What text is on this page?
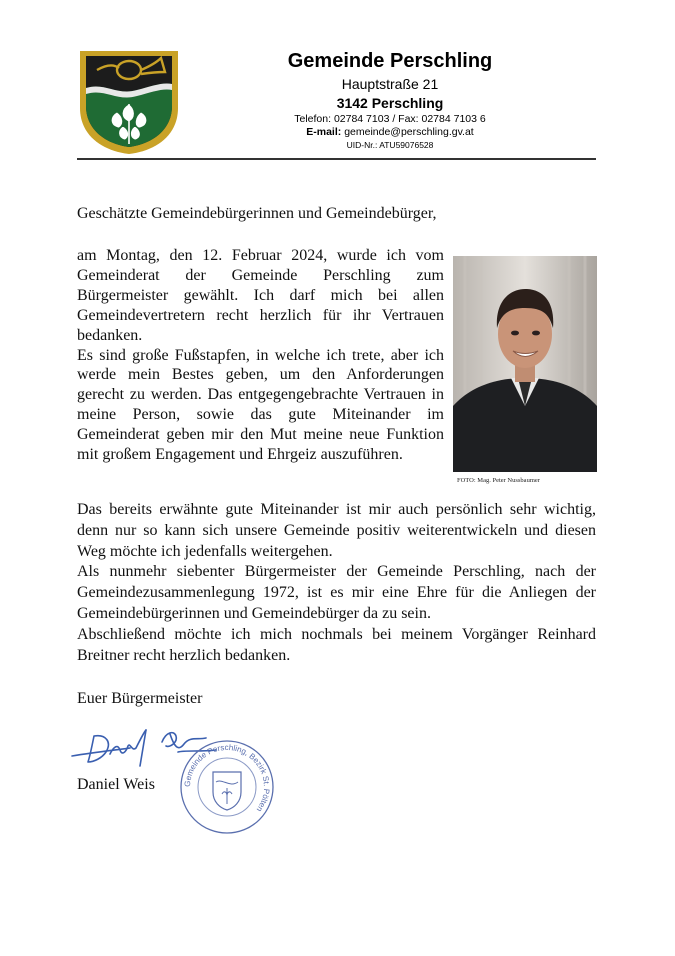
Gemeinde Perschling
Hauptstraße 21
3142 Perschling
Telefon: 02784 7103 / Fax: 02784 7103 6
E-mail: gemeinde@perschling.gv.at
UID-Nr.: ATU59076528
Geschätzte Gemeindebürgerinnen und Gemeindebürger,

am Montag, den 12. Februar 2024, wurde ich vom Gemeinderat der Gemeinde Perschling zum Bürgermeister gewählt. Ich darf mich bei allen Gemeindevertretern recht herzlich für ihr Vertrauen bedanken.

Es sind große Fußstapfen, in welche ich trete, aber ich werde mein Bestes geben, um den Anforderungen gerecht zu werden. Das entgegengebrachte Vertrauen in meine Person, sowie das gute Miteinander im Gemeinderat geben mir den Mut meine neue Funktion mit großem Engagement und Ehrgeiz auszuführen.

FOTO: Mag. Peter Nussbaumer

Das bereits erwähnte gute Miteinander ist mir auch persönlich sehr wichtig, denn nur so kann sich unsere Gemeinde positiv weiterentwickeln und diesen Weg möchte ich jedenfalls weitergehen.

Als nunmehr siebenter Bürgermeister der Gemeinde Perschling, nach der Gemeindezusammenlegung 1972, ist es mir eine Ehre für die Anliegen der Gemeindebürgerinnen und Gemeindebürger da zu sein.

Abschließend möchte ich mich nochmals bei meinem Vorgänger Reinhard Breitner recht herzlich bedanken.

Euer Bürgermeister
Daniel Weis	Gemeinde Perschling, Bezirk St. Pölten
